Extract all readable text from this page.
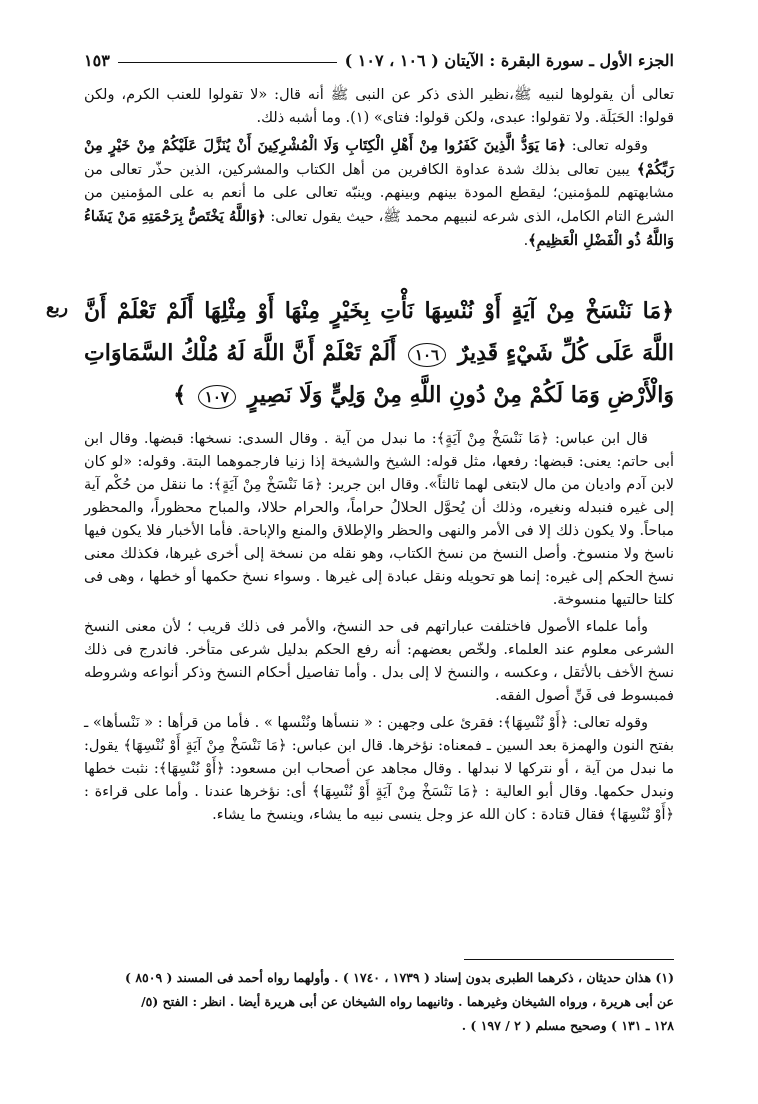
الجزء الأول ـ سورة البقرة : الآيتان ( ١٠٦ ، ١٠٧ )
١٥٣

تعالى أن يقولوها لنبيه ﷺ،نظير الذى ذكر عن النبى ﷺ أنه قال: «لا تقولوا للعنب الكرم، ولكن قولوا: الحَبَلَة. ولا تقولوا: عبدى، ولكن قولوا: فتاى» (١). وما أشبه ذلك.

وقوله تعالى: ﴿مَا يَوَدُّ الَّذِينَ كَفَرُوا مِنْ أَهْلِ الْكِتَابِ وَلَا الْمُشْرِكِينَ أَنْ يُنَزَّلَ عَلَيْكُمْ مِنْ خَيْرٍ مِنْ رَبِّكُمْ﴾ يبين تعالى بذلك شدة عداوة الكافرين من أهل الكتاب والمشركين، الذين حذّر تعالى من مشابهتهم للمؤمنين؛ ليقطع المودة بينهم وبينهم. وينبّه تعالى على ما أنعم به على المؤمنين من الشرع التام الكامل، الذى شرعه لنبيهم محمد ﷺ، حيث يقول تعالى: ﴿وَاللَّهُ يَخْتَصُّ بِرَحْمَتِهِ مَنْ يَشَاءُ وَاللَّهُ ذُو الْفَضْلِ الْعَظِيمِ﴾.

ربع ﴿مَا نَنْسَخْ مِنْ آيَةٍ أَوْ نُنْسِهَا نَأْتِ بِخَيْرٍ مِنْهَا أَوْ مِثْلِهَا أَلَمْ تَعْلَمْ أَنَّ اللَّهَ عَلَى كُلِّ شَيْءٍ قَدِيرٌ ١٠٦ أَلَمْ تَعْلَمْ أَنَّ اللَّهَ لَهُ مُلْكُ السَّمَاوَاتِ وَالْأَرْضِ وَمَا لَكُمْ مِنْ دُونِ اللَّهِ مِنْ وَلِيٍّ وَلَا نَصِيرٍ ١٠٧ ﴾

قال ابن عباس: ﴿مَا نَنْسَخْ مِنْ آيَةٍ﴾: ما نبدل من آية . وقال السدى: نسخها: قبضها. وقال ابن أبى حاتم: يعنى: قبضها: رفعها، مثل قوله: الشيخ والشيخة إذا زنيا فارجموهما البتة. وقوله: «لو كان لابن آدم واديان من مال لابتغى لهما ثالثاً». وقال ابن جرير: ﴿مَا نَنْسَخْ مِنْ آيَةٍ﴾: ما ننقل من حُكْم آية إلى غيره فنبدله ونغيره، وذلك أن يُحوَّل الحلالُ حراماً، والحرام حلالا، والمباح محظوراً، والمحظور مباحاً. ولا يكون ذلك إلا فى الأمر والنهى والحظر والإطلاق والمنع والإباحة. فأما الأخبار فلا يكون فيها ناسخ ولا منسوخ. وأصل النسخ من نسخ الكتاب، وهو نقله من نسخة إلى أخرى غيرها، فكذلك معنى نسخ الحكم إلى غيره: إنما هو تحويله ونقل عبادة إلى غيرها . وسواء نسخ حكمها أو خطها ، وهى فى كلتا حالتيها منسوخة.

وأما علماء الأصول فاختلفت عباراتهم فى حد النسخ، والأمر فى ذلك قريب ؛ لأن معنى النسخ الشرعى معلوم عند العلماء. ولخّص بعضهم: أنه رفع الحكم بدليل شرعى متأخر. فاندرج فى ذلك نسخ الأخف بالأثقل ، وعكسه ، والنسخ لا إلى بدل . وأما تفاصيل أحكام النسخ وذكر أنواعه وشروطه فمبسوط فى فَنِّ أصول الفقه.

وقوله تعالى: ﴿أَوْ نُنْسِهَا﴾: فقرئ على وجهين : « ننسأها ونُنْسها » . فأما من قرأها : « نَنْسأها» ـ بفتح النون والهمزة بعد السين ـ فمعناه: نؤخرها. قال ابن عباس: ﴿مَا نَنْسَخْ مِنْ آيَةٍ أَوْ نُنْسِهَا﴾ يقول: ما نبدل من آية ، أو نتركها لا نبدلها . وقال مجاهد عن أصحاب ابن مسعود: ﴿أَوْ نُنْسِهَا﴾: نثبت خطها ونبدل حكمها. وقال أبو العالية : ﴿مَا نَنْسَخْ مِنْ آيَةٍ أَوْ نُنْسِهَا﴾ أى: نؤخرها عندنا . وأما على قراءة : ﴿أَوْ نُنْسِهَا﴾ فقال قتادة : كان الله عز وجل ينسى نبيه ما يشاء، وينسخ ما يشاء.

(١) هذان حديثان ، ذكرهما الطبرى بدون إسناد ( ١٧٣٩ ، ١٧٤٠ ) . وأولهما رواه أحمد فى المسند ( ٨٥٠٩ )

عن أبى هريرة ، ورواه الشيخان وغيرهما . وثانيهما رواه الشيخان عن أبى هريرة أيضا . انظر : الفتح (٥/

١٢٨ ـ ١٣١ ) وصحيح مسلم ( ٢ / ١٩٧ ) .
